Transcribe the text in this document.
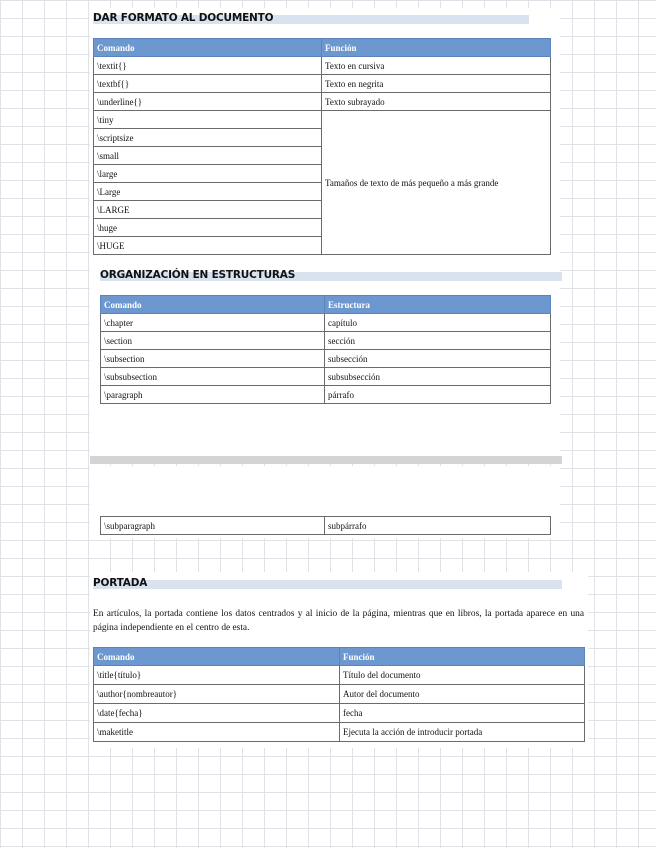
DAR FORMATO AL DOCUMENTO
Comando	Función
\textit{}	Texto en cursiva
\textbf{}	Texto en negrita
\underline{}	Texto subrayado
\tiny	Tamaños de texto de más pequeño a más grande
\scriptsize	
\small	
\large	
\Large	
\LARGE	
\huge	
\HUGE	
ORGANIZACIÓN EN ESTRUCTURAS
Comando	Estructura
\chapter	capítulo
\section	sección
\subsection	subsección
\subsubsection	subsubsección
\paragraph	párrafo
\subparagraph	subpárrafo
PORTADA
En artículos, la portada contiene los datos centrados y al inicio de la página, mientras que en libros, la portada aparece en una página independiente en el centro de esta.
Comando	Función
\title{título}	Título del documento
\author{nombreautor}	Autor del documento
\date{fecha}	fecha
\maketitle	Ejecuta la acción de introducir portada
